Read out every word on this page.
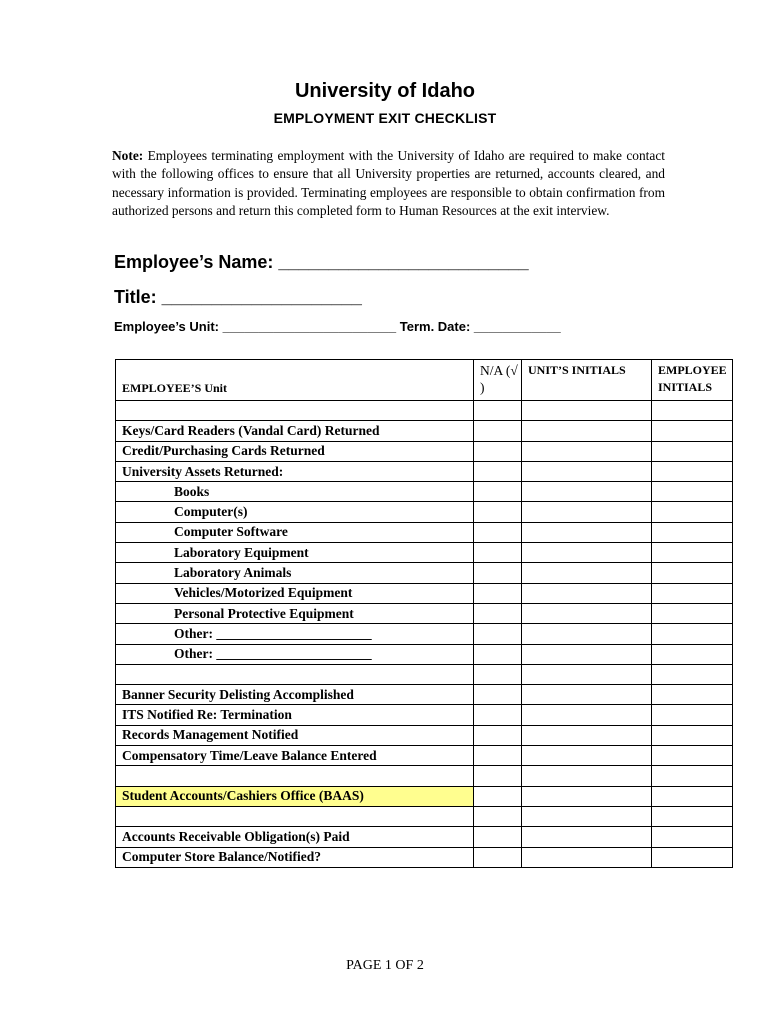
University of Idaho
EMPLOYMENT EXIT CHECKLIST
Note: Employees terminating employment with the University of Idaho are required to make contact with the following offices to ensure that all University properties are returned, accounts cleared, and necessary information is provided. Terminating employees are responsible to obtain confirmation from authorized persons and return this completed form to Human Resources at the exit interview.
Employee’s Name: _________________________
Title: ____________________
Employee’s Unit: ________________________ Term. Date: ____________
EMPLOYEE’S Unit	N/A (√ )	UNIT’S INITIALS	EMPLOYEE INITIALS

Keys/Card Readers (Vandal Card) Returned			
Credit/Purchasing Cards Returned			
University Assets Returned:			
Books			
Computer(s)			
Computer Software			
Laboratory Equipment			
Laboratory Animals			
Vehicles/Motorized Equipment			
Personal Protective Equipment			
Other: _______________________			
Other: _______________________			

Banner Security Delisting Accomplished			
ITS Notified Re: Termination			
Records Management Notified			
Compensatory Time/Leave Balance Entered			

Student Accounts/Cashiers Office (BAAS)			

Accounts Receivable Obligation(s) Paid			
Computer Store Balance/Notified?			
PAGE 1 OF 2
